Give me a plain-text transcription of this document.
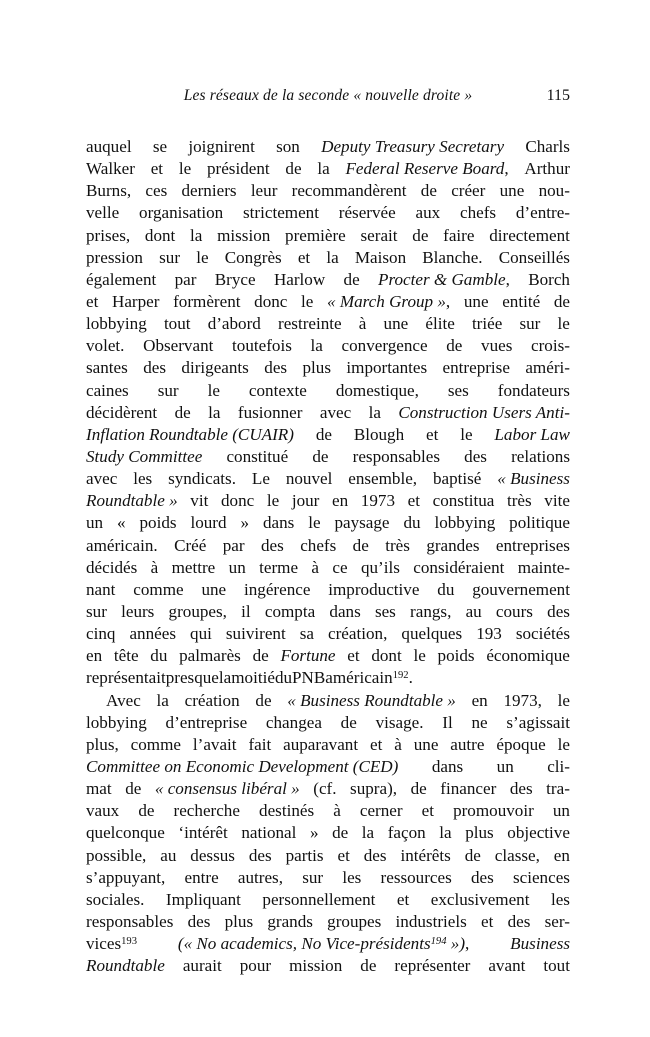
Les réseaux de la seconde « nouvelle droite »	115
auquel se joignirent son Deputy Treasury Secretary Charls
Walker et le président de la Federal Reserve Board, Arthur
Burns, ces derniers leur recommandèrent de créer une nou-
velle organisation strictement réservée aux chefs d’entre-
prises, dont la mission première serait de faire directement
pression sur le Congrès et la Maison Blanche. Conseillés
également par Bryce Harlow de Procter & Gamble, Borch
et Harper formèrent donc le « March Group », une entité de
lobbying tout d’abord restreinte à une élite triée sur le
volet. Observant toutefois la convergence de vues crois-
santes des dirigeants des plus importantes entreprise améri-
caines sur le contexte domestique, ses fondateurs
décidèrent de la fusionner avec la Construction Users Anti-
Inflation Roundtable (CUAIR) de Blough et le Labor Law
Study Committee constitué de responsables des relations
avec les syndicats. Le nouvel ensemble, baptisé « Business
Roundtable » vit donc le jour en 1973 et constitua très vite
un « poids lourd » dans le paysage du lobbying politique
américain. Créé par des chefs de très grandes entreprises
décidés à mettre un terme à ce qu’ils considéraient mainte-
nant comme une ingérence improductive du gouvernement
sur leurs groupes, il compta dans ses rangs, au cours des
cinq années qui suivirent sa création, quelques 193 sociétés
en tête du palmarès de Fortune et dont le poids économique
représentait presque la moitié du PNB américain$^{192}$.
Avec la création de « Business Roundtable » en 1973, le
lobbying d’entreprise changea de visage. Il ne s’agissait
plus, comme l’avait fait auparavant et à une autre époque le
Committee on Economic Development (CED) dans un cli-
mat de « consensus libéral » (cf. supra), de financer des tra-
vaux de recherche destinés à cerner et promouvoir un
quelconque ‘intérêt national » de la façon la plus objective
possible, au dessus des partis et des intérêts de classe, en
s’appuyant, entre autres, sur les ressources des sciences
sociales. Impliquant personnellement et exclusivement les
responsables des plus grands groupes industriels et des ser-
vices$^{193}$ (« No academics, No Vice-présidents$^{194}$ »), Business
Roundtable aurait pour mission de représenter avant tout
